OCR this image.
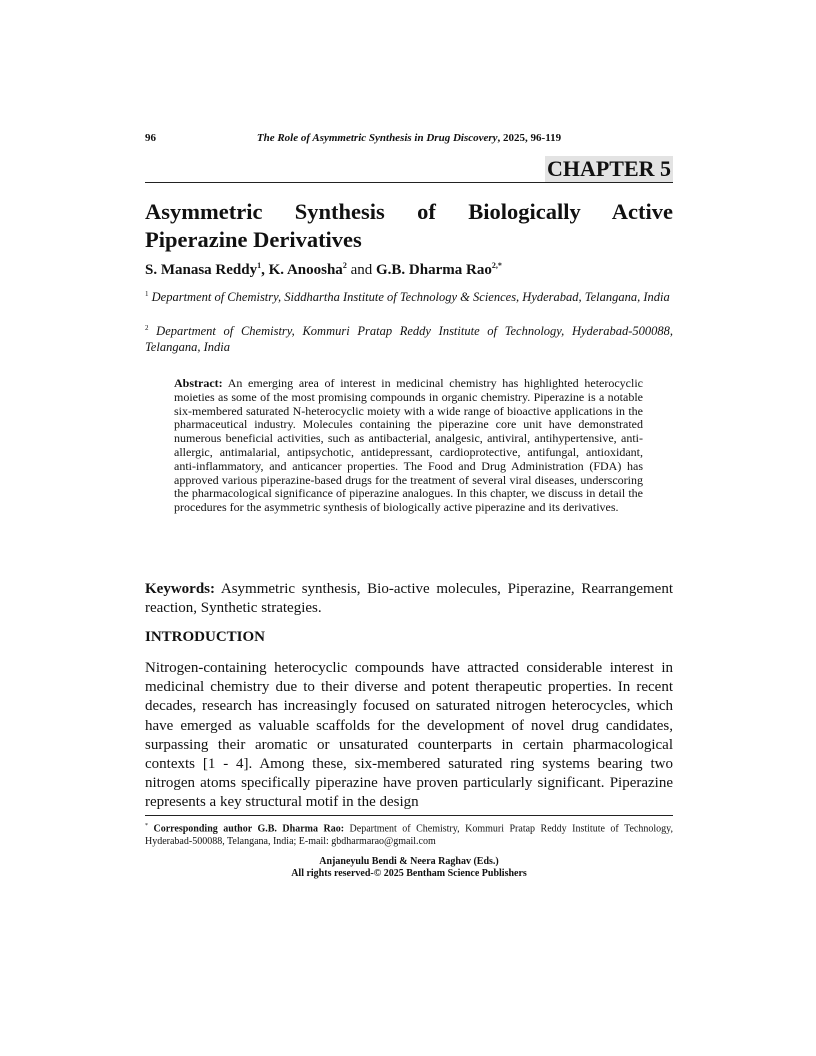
96	The Role of Asymmetric Synthesis in Drug Discovery, 2025, 96-119
CHAPTER 5
Asymmetric Synthesis of Biologically Active
Piperazine Derivatives
S. Manasa Reddy$^1$, K. Anoosha$^2$ and G.B. Dharma Rao$^{2,*}$
$^1$ Department of Chemistry, Siddhartha Institute of Technology & Sciences, Hyderabad, Telangana, India
$^2$ Department of Chemistry, Kommuri Pratap Reddy Institute of Technology, Hyderabad-500088, Telangana, India
Abstract: An emerging area of interest in medicinal chemistry has highlighted heterocyclic moieties as some of the most promising compounds in organic chemistry. Piperazine is a notable six-membered saturated N-heterocyclic moiety with a wide range of bioactive applications in the pharmaceutical industry. Molecules containing the piperazine core unit have demonstrated numerous beneficial activities, such as antibacterial, analgesic, antiviral, antihypertensive, anti-allergic, antimalarial, antipsychotic, antidepressant, cardioprotective, antifungal, antioxidant, anti-inflammatory, and anticancer properties. The Food and Drug Administration (FDA) has approved various piperazine-based drugs for the treatment of several viral diseases, underscoring the pharmacological significance of piperazine analogues. In this chapter, we discuss in detail the procedures for the asymmetric synthesis of biologically active piperazine and its derivatives.
Keywords: Asymmetric synthesis, Bio-active molecules, Piperazine, Rearrangement reaction, Synthetic strategies.
INTRODUCTION
Nitrogen-containing heterocyclic compounds have attracted considerable interest in medicinal chemistry due to their diverse and potent therapeutic properties. In recent decades, research has increasingly focused on saturated nitrogen heterocycles, which have emerged as valuable scaffolds for the development of novel drug candidates, surpassing their aromatic or unsaturated counterparts in certain pharmacological contexts [1 - 4]. Among these, six-membered saturated ring systems bearing two nitrogen atoms specifically piperazine have proven particularly significant. Piperazine represents a key structural motif in the design
* Corresponding author G.B. Dharma Rao: Department of Chemistry, Kommuri Pratap Reddy Institute of Technology, Hyderabad-500088, Telangana, India; E-mail: gbdharmarao@gmail.com
Anjaneyulu Bendi & Neera Raghav (Eds.)
All rights reserved-© 2025 Bentham Science Publishers
